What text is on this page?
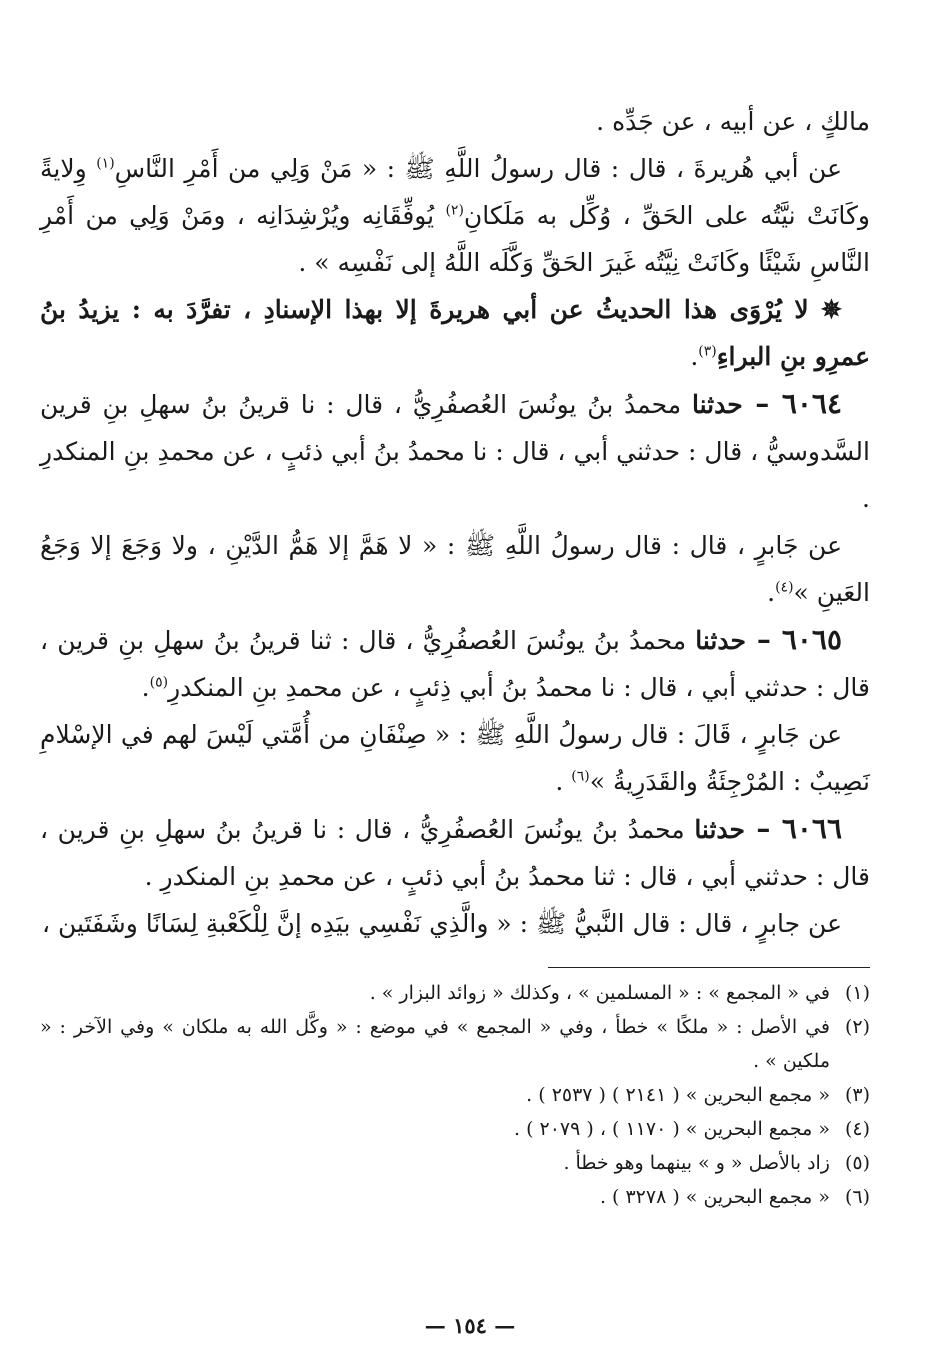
مالكٍ ، عن أبيه ، عن جَدِّه .

عن أبي هُريرةَ ، قال : قال رسولُ اللَّهِ ﷺ : « مَنْ وَلِي من أَمْرِ النَّاسِ$^{(١)}$ وِلايةً وكَانَتْ نيَّتُه على الحَقِّ ، وُكِّل به مَلَكانِ$^{(٢)}$ يُوفِّقَانِه ويُرْشِدَانِه ، ومَنْ وَلِي من أَمْرِ النَّاسِ شَيْئًا وكَانَتْ نِيَّتُه غَيرَ الحَقِّ وَكَّلَه اللَّهُ إلى نَفْسِه » .

✵ لا يُرْوَى هذا الحديثُ عن أبي هريرةَ إلا بهذا الإسنادِ ، تفرَّدَ به : يزيدُ بنُ عمرِو بنِ البراءِ$^{(٣)}$.

٦٠٦٤ – حدثنا محمدُ بنُ يونُسَ العُصفُرِيُّ ، قال : نا قرينُ بنُ سهلِ بنِ قرين السَّدوسيُّ ، قال : حدثني أبي ، قال : نا محمدُ بنُ أبي ذئبٍ ، عن محمدِ بنِ المنكدرِ .

عن جَابرٍ ، قال : قال رسولُ اللَّهِ ﷺ : « لا هَمَّ إلا هَمُّ الدَّيْنِ ، ولا وَجَعَ إلا وَجَعُ العَينِ »$^{(٤)}$.

٦٠٦٥ – حدثنا محمدُ بنُ يونُسَ العُصفُرِيُّ ، قال : ثنا قرينُ بنُ سهلِ بنِ قرين ، قال : حدثني أبي ، قال : نا محمدُ بنُ أبي ذِئبٍ ، عن محمدِ بنِ المنكدرِ$^{(٥)}$.

عن جَابرٍ ، قَالَ : قال رسولُ اللَّهِ ﷺ : « صِنْفَانِ من أُمَّتي لَيْسَ لهم في الإسْلامِ نَصِيبٌ : المُرْجِئَةُ والقَدَرِيةُ »$^{(٦)}$ .

٦٠٦٦ – حدثنا محمدُ بنُ يونُسَ العُصفُرِيُّ ، قال : نا قرينُ بنُ سهلِ بنِ قرين ، قال : حدثني أبي ، قال : ثنا محمدُ بنُ أبي ذئبٍ ، عن محمدِ بنِ المنكدرِ .

عن جابرٍ ، قال : قال النَّبيُّ ﷺ : « والَّذِي نَفْسِي بيَدِه إنَّ لِلْكَعْبةِ لِسَانًا وشَفَتَين ،

(١)
في « المجمع » : « المسلمين » ، وكذلك « زوائد البزار » .
(٢)
في الأصل : « ملكًا » خطأ ، وفي « المجمع » في موضع : « وكَّل الله به ملكان » وفي الآخر : « ملكين » .
(٣)
« مجمع البحرين » ( ٢١٤١ ) ( ٢٥٣٧ ) .
(٤)
« مجمع البحرين » ( ١١٧٠ ) ، ( ٢٠٧٩ ) .
(٥)
زاد بالأصل « و » بينهما وهو خطأ .
(٦)
« مجمع البحرين » ( ٣٢٧٨ ) .
— ١٥٤ —
